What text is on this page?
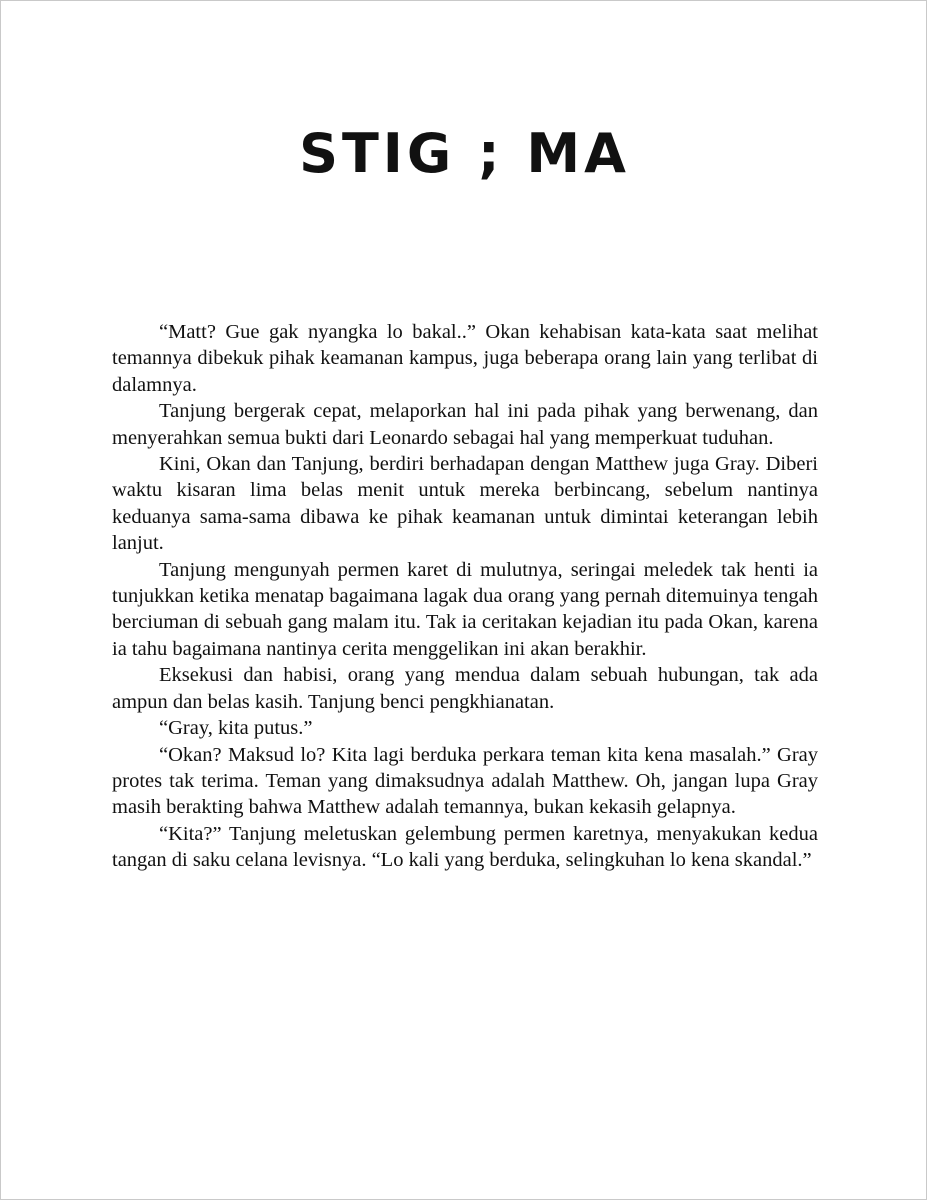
STIG ; MA

“Matt? Gue gak nyangka lo bakal..” Okan kehabisan kata-kata saat melihat temannya dibekuk pihak keamanan kampus, juga beberapa orang lain yang terlibat di dalamnya.

Tanjung bergerak cepat, melaporkan hal ini pada pihak yang berwenang, dan menyerahkan semua bukti dari Leonardo sebagai hal yang memperkuat tuduhan.

Kini, Okan dan Tanjung, berdiri berhadapan dengan Matthew juga Gray. Diberi waktu kisaran lima belas menit untuk mereka berbincang, sebelum nantinya keduanya sama-sama dibawa ke pihak keamanan untuk dimintai keterangan lebih lanjut.

Tanjung mengunyah permen karet di mulutnya, seringai meledek tak henti ia tunjukkan ketika menatap bagaimana lagak dua orang yang pernah ditemuinya tengah berciuman di sebuah gang malam itu. Tak ia ceritakan kejadian itu pada Okan, karena ia tahu bagaimana nantinya cerita menggelikan ini akan berakhir.

Eksekusi dan habisi, orang yang mendua dalam sebuah hubungan, tak ada ampun dan belas kasih. Tanjung benci pengkhianatan.

“Gray, kita putus.”

“Okan? Maksud lo? Kita lagi berduka perkara teman kita kena masalah.” Gray protes tak terima. Teman yang dimaksudnya adalah Matthew. Oh, jangan lupa Gray masih berakting bahwa Matthew adalah temannya, bukan kekasih gelapnya.

“Kita?” Tanjung meletuskan gelembung permen karetnya, menyakukan kedua tangan di saku celana levisnya. “Lo kali yang berduka, selingkuhan lo kena skandal.”
